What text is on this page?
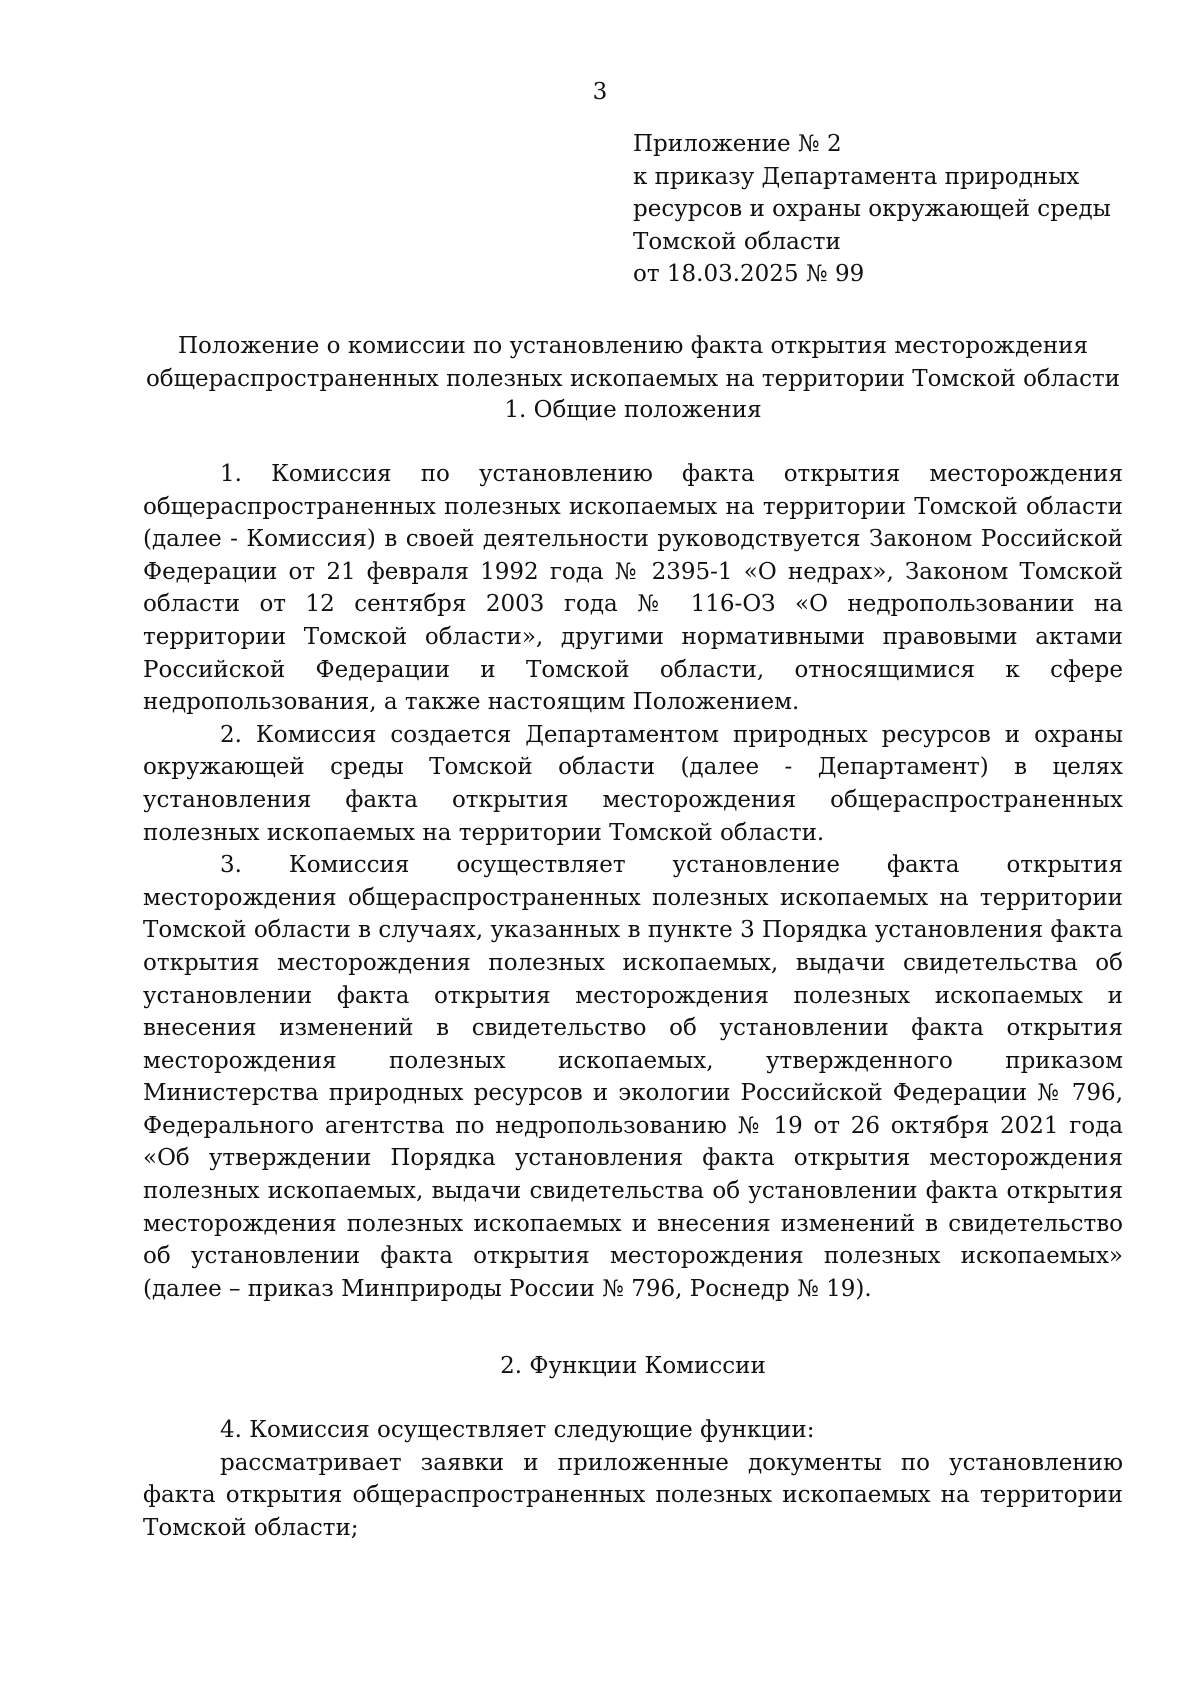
3
Приложение № 2
к приказу Департамента природных
ресурсов и охраны окружающей среды
Томской области
от 18.03.2025 № 99
Положение о комиссии по установлению факта открытия месторождения общераспространенных полезных ископаемых на территории Томской области
1. Общие положения

1. Комиссия по установлению факта открытия месторождения общераспространенных полезных ископаемых на территории Томской области (далее - Комиссия) в своей деятельности руководствуется Законом Российской Федерации от 21 февраля 1992 года № 2395-1 «О недрах», Законом Томской области от 12 сентября 2003 года № 116-ОЗ «О недропользовании на территории Томской области», другими нормативными правовыми актами Российской Федерации и Томской области, относящимися к сфере недропользования, а также настоящим Положением.

2. Комиссия создается Департаментом природных ресурсов и охраны окружающей среды Томской области (далее - Департамент) в целях установления факта открытия месторождения общераспространенных полезных ископаемых на территории Томской области.

3. Комиссия осуществляет установление факта открытия месторождения общераспространенных полезных ископаемых на территории Томской области в случаях, указанных в пункте 3 Порядка установления факта открытия месторождения полезных ископаемых, выдачи свидетельства об установлении факта открытия месторождения полезных ископаемых и внесения изменений в свидетельство об установлении факта открытия месторождения полезных ископаемых, утвержденного приказом Министерства природных ресурсов и экологии Российской Федерации № 796, Федерального агентства по недропользованию № 19 от 26 октября 2021 года «Об утверждении Порядка установления факта открытия месторождения полезных ископаемых, выдачи свидетельства об установлении факта открытия месторождения полезных ископаемых и внесения изменений в свидетельство об установлении факта открытия месторождения полезных ископаемых» (далее – приказ Минприроды России № 796, Роснедр № 19).

2. Функции Комиссии

4. Комиссия осуществляет следующие функции:

рассматривает заявки и приложенные документы по установлению факта открытия общераспространенных полезных ископаемых на территории Томской области;
